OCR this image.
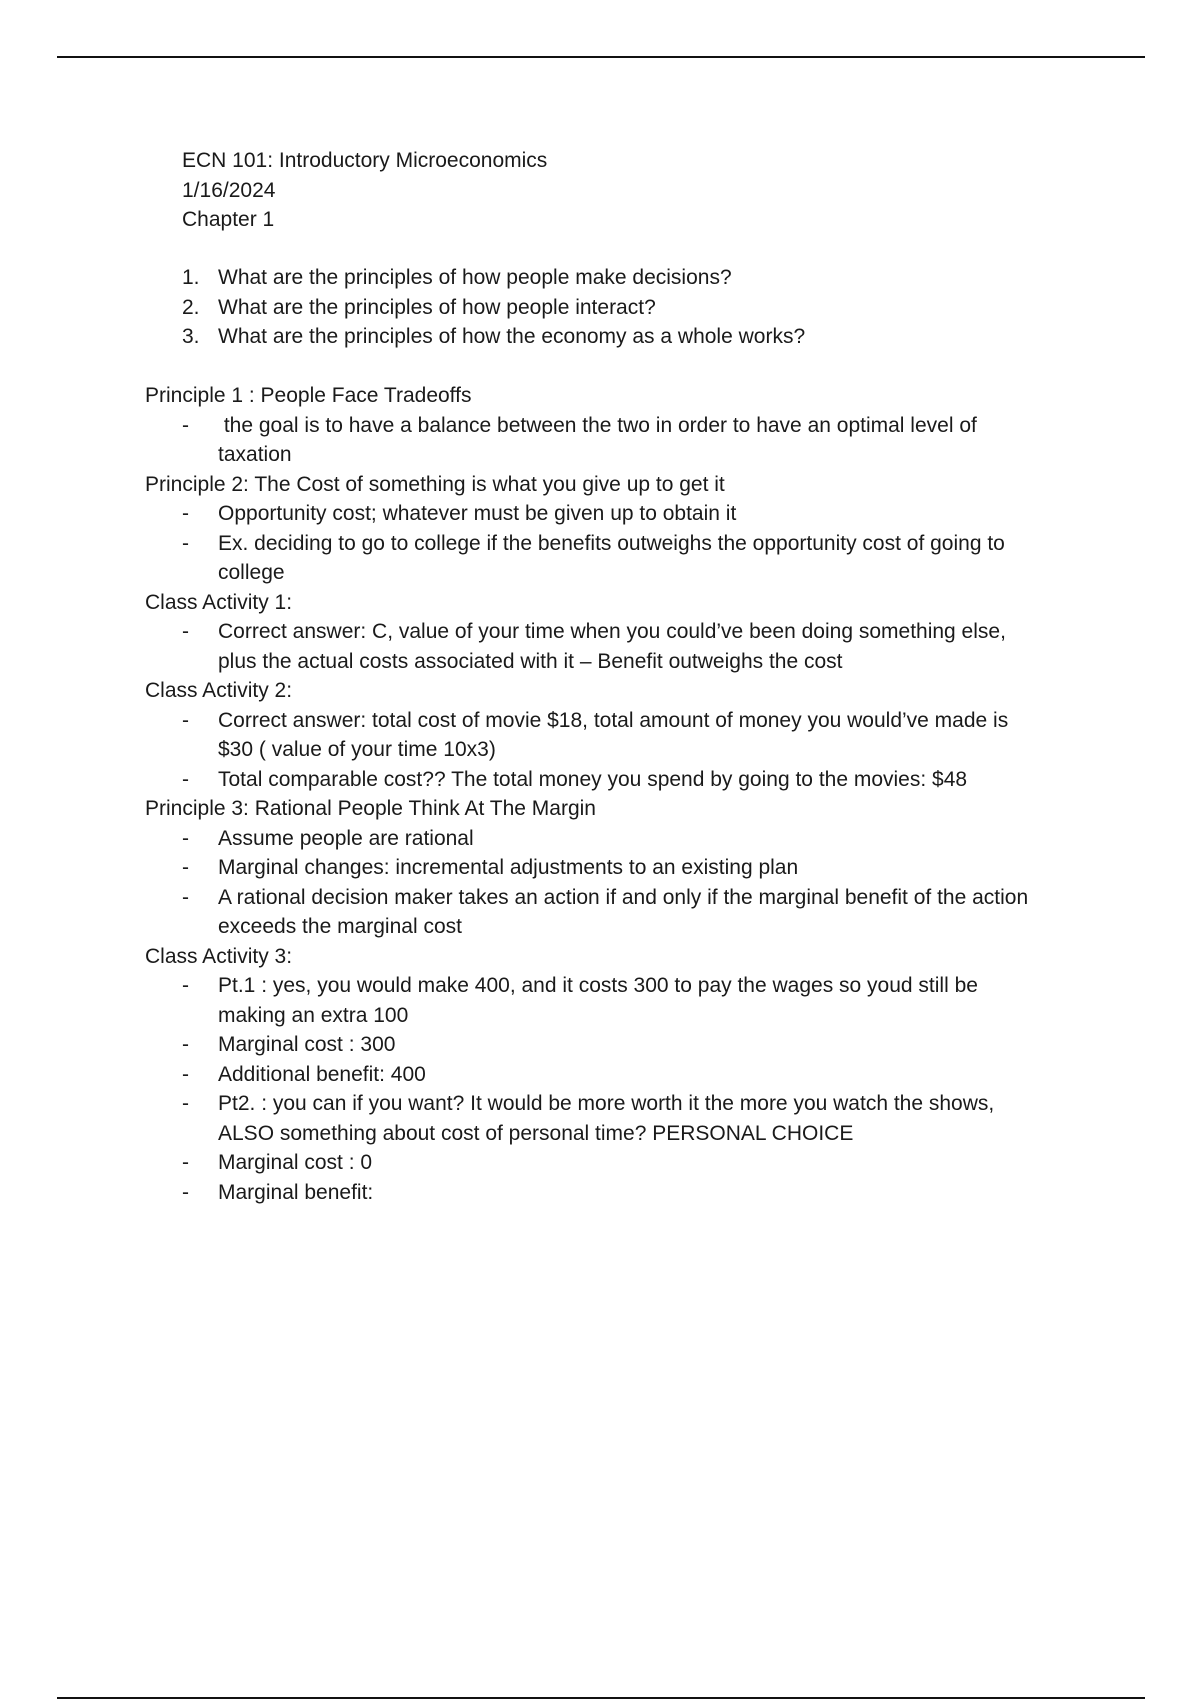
ECN 101: Introductory Microeconomics
1/16/2024
Chapter 1
1. What are the principles of how people make decisions?
2. What are the principles of how people interact?
3. What are the principles of how the economy as a whole works?
Principle 1 : People Face Tradeoffs
- the goal is to have a balance between the two in order to have an optimal level of taxation
Principle 2: The Cost of something is what you give up to get it
- Opportunity cost; whatever must be given up to obtain it
- Ex. deciding to go to college if the benefits outweighs the opportunity cost of going to college
Class Activity 1:
- Correct answer: C, value of your time when you could’ve been doing something else, plus the actual costs associated with it – Benefit outweighs the cost
Class Activity 2:
- Correct answer: total cost of movie $18, total amount of money you would’ve made is $30 ( value of your time 10x3)
- Total comparable cost?? The total money you spend by going to the movies: $48
Principle 3: Rational People Think At The Margin
- Assume people are rational
- Marginal changes: incremental adjustments to an existing plan
- A rational decision maker takes an action if and only if the marginal benefit of the action exceeds the marginal cost
Class Activity 3:
- Pt.1 : yes, you would make 400, and it costs 300 to pay the wages so youd still be making an extra 100
- Marginal cost : 300
- Additional benefit: 400
- Pt2. : you can if you want? It would be more worth it the more you watch the shows, ALSO something about cost of personal time? PERSONAL CHOICE
- Marginal cost : 0
- Marginal benefit:
